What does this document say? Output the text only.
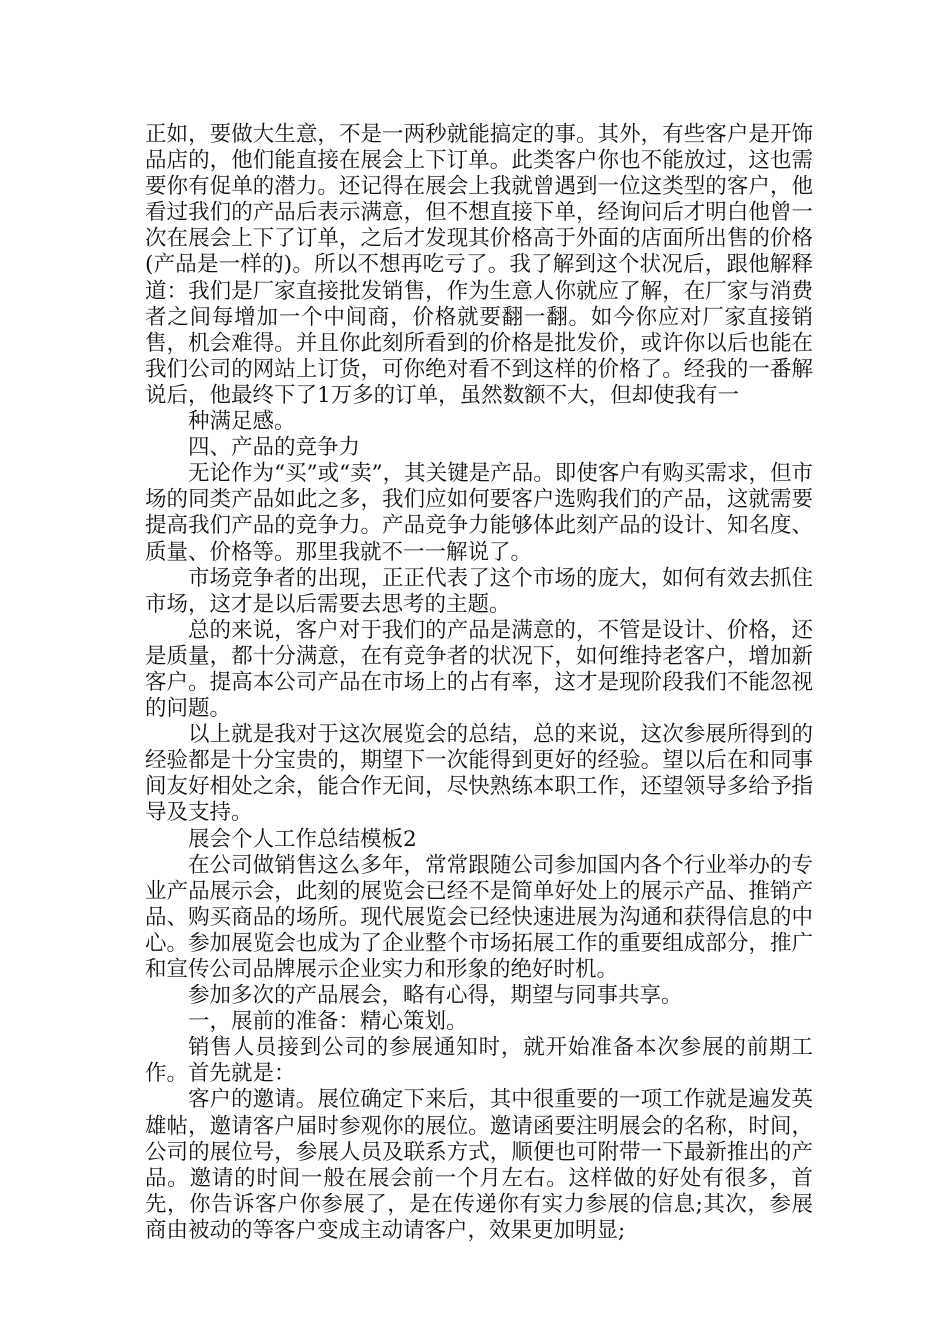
正如，要做大生意，不是一两秒就能搞定的事。其外，有些客户是开饰品店的，他们能直接在展会上下订单。此类客户你也不能放过，这也需要你有促单的潜力。还记得在展会上我就曾遇到一位这类型的客户，他看过我们的产品后表示满意，但不想直接下单，经询问后才明白他曾一次在展会上下了订单，之后才发现其价格高于外面的店面所出售的价格(产品是一样的)。所以不想再吃亏了。我了解到这个状况后，跟他解释道：我们是厂家直接批发销售，作为生意人你就应了解，在厂家与消费者之间每增加一个中间商，价格就要翻一翻。如今你应对厂家直接销售，机会难得。并且你此刻所看到的价格是批发价，或许你以后也能在我们公司的网站上订货，可你绝对看不到这样的价格了。经我的一番解说后，他最终下了1万多的订单，虽然数额不大，但却使我有一

种满足感。

四、产品的竞争力

无论作为“买”或“卖”，其关键是产品。即使客户有购买需求，但市场的同类产品如此之多，我们应如何要客户选购我们的产品，这就需要提高我们产品的竞争力。产品竞争力能够体此刻产品的设计、知名度、质量、价格等。那里我就不一一解说了。

市场竞争者的出现，正正代表了这个市场的庞大，如何有效去抓住市场，这才是以后需要去思考的主题。

总的来说，客户对于我们的产品是满意的，不管是设计、价格，还是质量，都十分满意，在有竞争者的状况下，如何维持老客户，增加新客户。提高本公司产品在市场上的占有率，这才是现阶段我们不能忽视的问题。

以上就是我对于这次展览会的总结，总的来说，这次参展所得到的经验都是十分宝贵的，期望下一次能得到更好的经验。望以后在和同事间友好相处之余，能合作无间，尽快熟练本职工作，还望领导多给予指导及支持。

展会个人工作总结模板2

在公司做销售这么多年，常常跟随公司参加国内各个行业举办的专业产品展示会，此刻的展览会已经不是简单好处上的展示产品、推销产品、购买商品的场所。现代展览会已经快速进展为沟通和获得信息的中心。参加展览会也成为了企业整个市场拓展工作的重要组成部分，推广和宣传公司品牌展示企业实力和形象的绝好时机。

参加多次的产品展会，略有心得，期望与同事共享。

一，展前的准备：精心策划。

销售人员接到公司的参展通知时，就开始准备本次参展的前期工作。首先就是：

客户的邀请。展位确定下来后，其中很重要的一项工作就是遍发英雄帖，邀请客户届时参观你的展位。邀请函要注明展会的名称，时间，公司的展位号，参展人员及联系方式，顺便也可附带一下最新推出的产品。邀请的时间一般在展会前一个月左右。这样做的好处有很多，首先，你告诉客户你参展了，是在传递你有实力参展的信息;其次，参展商由被动的等客户变成主动请客户，效果更加明显;
